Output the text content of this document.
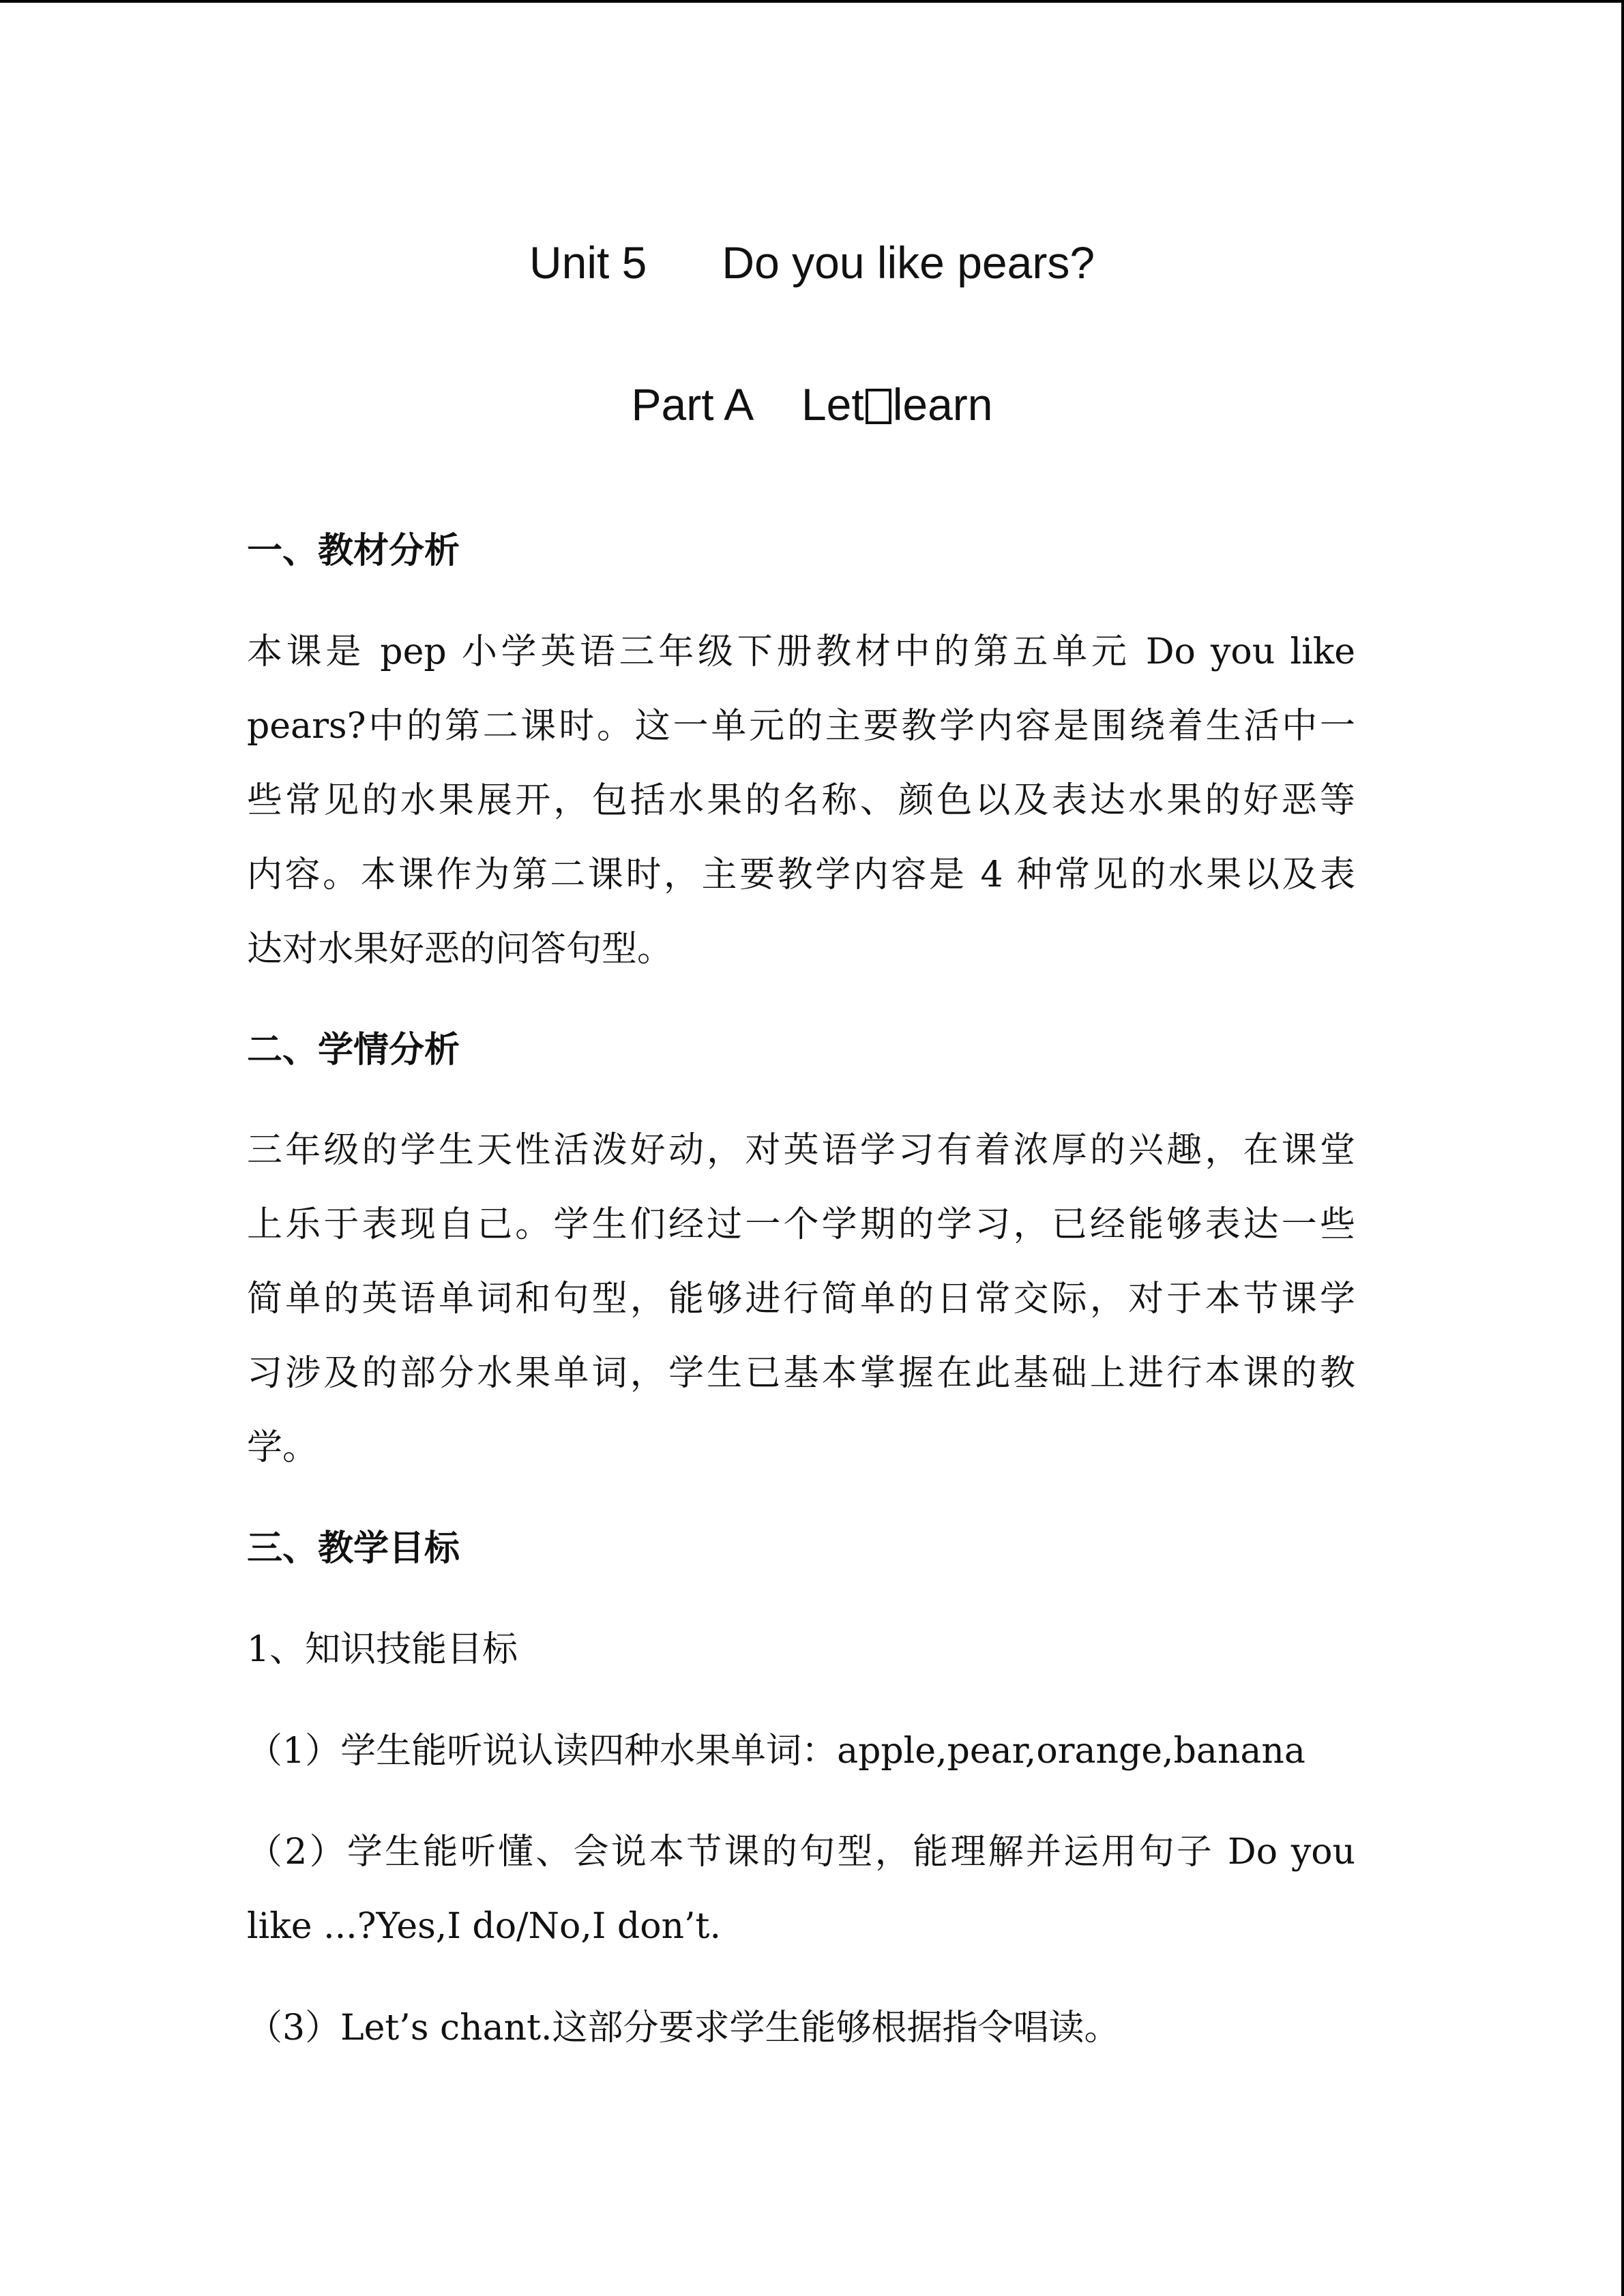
Unit 5      Do you like pears?
Part A    Let learn
一、教材分析
本课是 pep 小学英语三年级下册教材中的第五单元 Do you like
pears?中的第二课时。这一单元的主要教学内容是围绕着生活中一
些常见的水果展开，包括水果的名称、颜色以及表达水果的好恶等
内容。本课作为第二课时，主要教学内容是 4 种常见的水果以及表
达对水果好恶的问答句型。
二、学情分析
三年级的学生天性活泼好动，对英语学习有着浓厚的兴趣，在课堂
上乐于表现自己。学生们经过一个学期的学习，已经能够表达一些
简单的英语单词和句型，能够进行简单的日常交际，对于本节课学
习涉及的部分水果单词，学生已基本掌握在此基础上进行本课的教
学。
三、教学目标
1、知识技能目标
（1）学生能听说认读四种水果单词：apple,pear,orange,banana
（2）学生能听懂、会说本节课的句型，能理解并运用句子 Do you
like ...?Yes,I do/No,I don’t.
（3）Let’s chant.这部分要求学生能够根据指令唱读。
